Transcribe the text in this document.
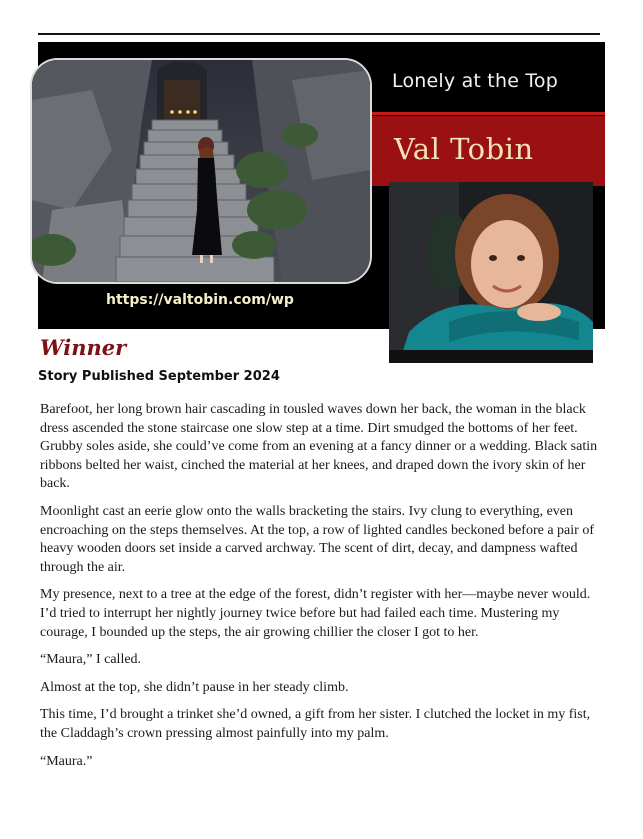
Lonely at the Top
Val Tobin
https://valtobin.com/wp
Winner
Story Published September 2024

Barefoot, her long brown hair cascading in tousled waves down her back, the woman in the black dress ascended the stone staircase one slow step at a time. Dirt smudged the bottoms of her feet. Grubby soles aside, she could’ve come from an evening at a fancy dinner or a wedding. Black satin ribbons belted her waist, cinched the material at her knees, and draped down the ivory skin of her back.

Moonlight cast an eerie glow onto the walls bracketing the stairs. Ivy clung to everything, even encroaching on the steps themselves. At the top, a row of lighted candles beckoned before a pair of heavy wooden doors set inside a carved archway. The scent of dirt, decay, and dampness wafted through the air.

My presence, next to a tree at the edge of the forest, didn’t register with her—maybe never would. I’d tried to interrupt her nightly journey twice before but had failed each time. Mustering my courage, I bounded up the steps, the air growing chillier the closer I got to her.

“Maura,” I called.

Almost at the top, she didn’t pause in her steady climb.

This time, I’d brought a trinket she’d owned, a gift from her sister. I clutched the locket in my fist, the Claddagh’s crown pressing almost painfully into my palm.

“Maura.”
